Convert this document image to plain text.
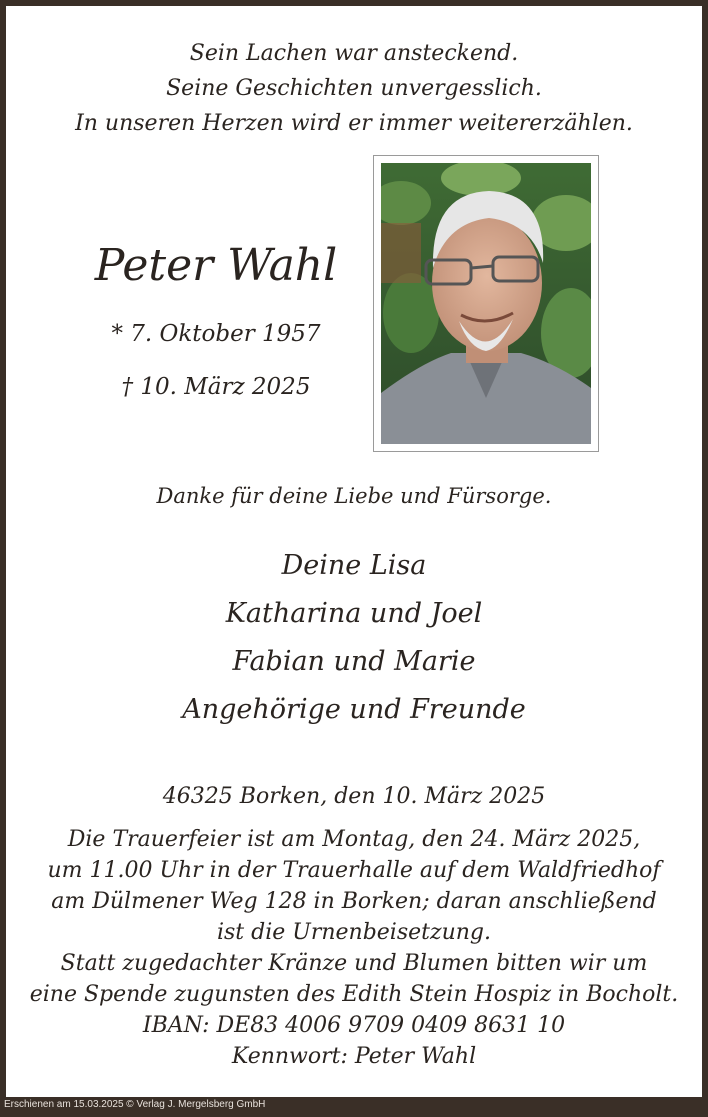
Sein Lachen war ansteckend.
Seine Geschichten unvergesslich.
In unseren Herzen wird er immer weitererzählen.
Peter Wahl
* 7. Oktober 1957
† 10. März 2025
Danke für deine Liebe und Fürsorge.
Deine Lisa
Katharina und Joel
Fabian und Marie
Angehörige und Freunde
46325 Borken, den 10. März 2025
Die Trauerfeier ist am Montag, den 24. März 2025,
um 11.00 Uhr in der Trauerhalle auf dem Waldfriedhof
am Dülmener Weg 128 in Borken; daran anschließend
ist die Urnenbeisetzung.
Statt zugedachter Kränze und Blumen bitten wir um
eine Spende zugunsten des Edith Stein Hospiz in Bocholt.
IBAN: DE83 4006 9709 0409 8631 10
Kennwort: Peter Wahl
Erschienen am 15.03.2025 © Verlag J. Mergelsberg GmbH
